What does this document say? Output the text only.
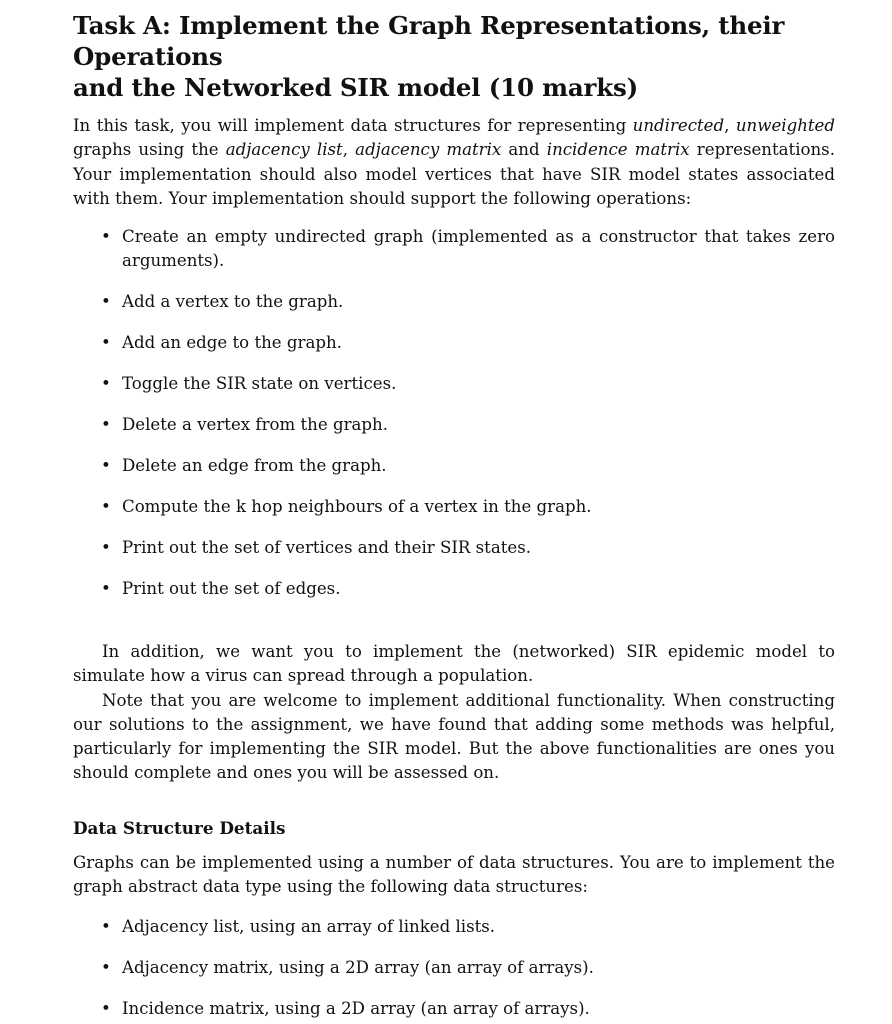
Task A: Implement the Graph Representations, their Operations
and the Networked SIR model (10 marks)

In this task, you will implement data structures for representing undirected, unweighted graphs using the adjacency list, adjacency matrix and incidence matrix representations. Your implementation should also model vertices that have SIR model states associated with them. Your implementation should support the following operations:

• Create an empty undirected graph (implemented as a constructor that takes zero arguments).
• Add a vertex to the graph.
• Add an edge to the graph.
• Toggle the SIR state on vertices.
• Delete a vertex from the graph.
• Delete an edge from the graph.
• Compute the k hop neighbours of a vertex in the graph.
• Print out the set of vertices and their SIR states.
• Print out the set of edges.

In addition, we want you to implement the (networked) SIR epidemic model to simulate how a virus can spread through a population.

Note that you are welcome to implement additional functionality. When constructing our solutions to the assignment, we have found that adding some methods was helpful, particularly for implementing the SIR model. But the above functionalities are ones you should complete and ones you will be assessed on.

Data Structure Details

Graphs can be implemented using a number of data structures. You are to implement the graph abstract data type using the following data structures:

• Adjacency list, using an array of linked lists.
• Adjacency matrix, using a 2D array (an array of arrays).
• Incidence matrix, using a 2D array (an array of arrays).
